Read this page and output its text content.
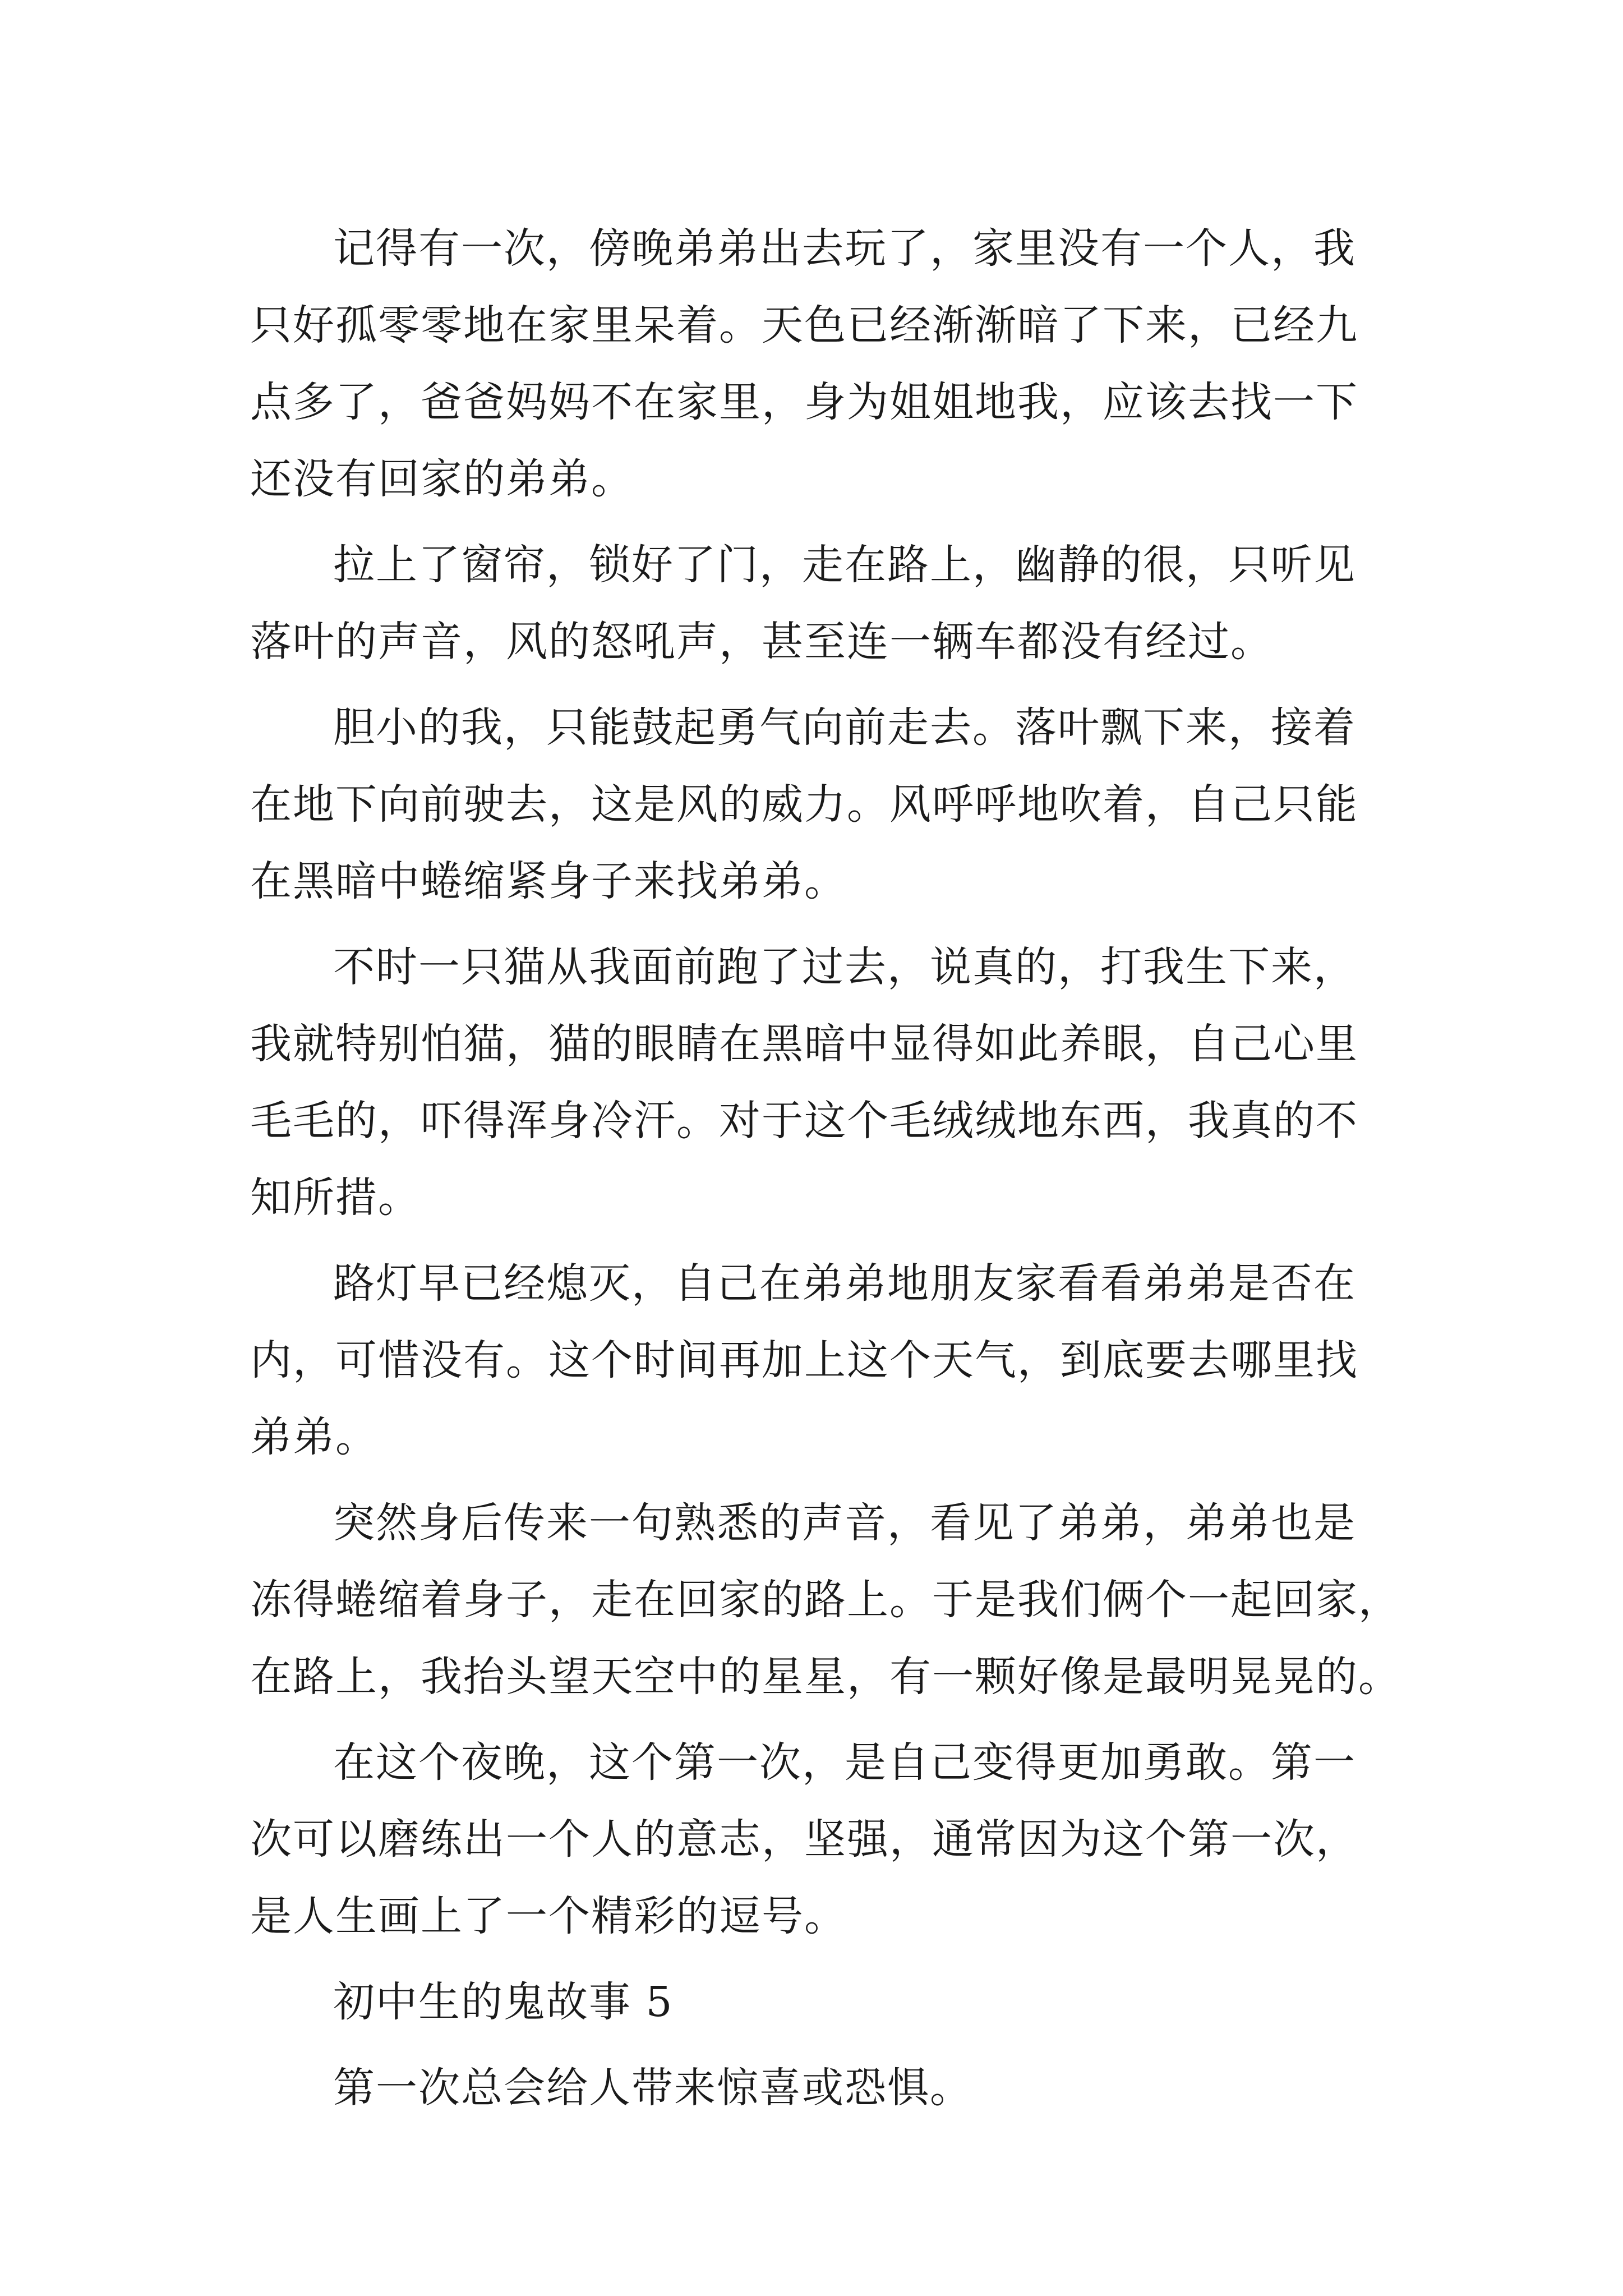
记得有一次，傍晚弟弟出去玩了，家里没有一个人，我
只好孤零零地在家里呆着。天色已经渐渐暗了下来，已经九
点多了，爸爸妈妈不在家里，身为姐姐地我，应该去找一下
还没有回家的弟弟。
拉上了窗帘，锁好了门，走在路上，幽静的很，只听见
落叶的声音，风的怒吼声，甚至连一辆车都没有经过。
胆小的我，只能鼓起勇气向前走去。落叶飘下来，接着
在地下向前驶去，这是风的威力。风呼呼地吹着，自己只能
在黑暗中蜷缩紧身子来找弟弟。
不时一只猫从我面前跑了过去，说真的，打我生下来，
我就特别怕猫，猫的眼睛在黑暗中显得如此养眼，自己心里
毛毛的，吓得浑身冷汗。对于这个毛绒绒地东西，我真的不
知所措。
路灯早已经熄灭，自己在弟弟地朋友家看看弟弟是否在
内，可惜没有。这个时间再加上这个天气，到底要去哪里找
弟弟。
突然身后传来一句熟悉的声音，看见了弟弟，弟弟也是
冻得蜷缩着身子，走在回家的路上。于是我们俩个一起回家，
在路上，我抬头望天空中的星星，有一颗好像是最明晃晃的。
在这个夜晚，这个第一次，是自己变得更加勇敢。第一
次可以磨练出一个人的意志，坚强，通常因为这个第一次，
是人生画上了一个精彩的逗号。
初中生的鬼故事 5
第一次总会给人带来惊喜或恐惧。
